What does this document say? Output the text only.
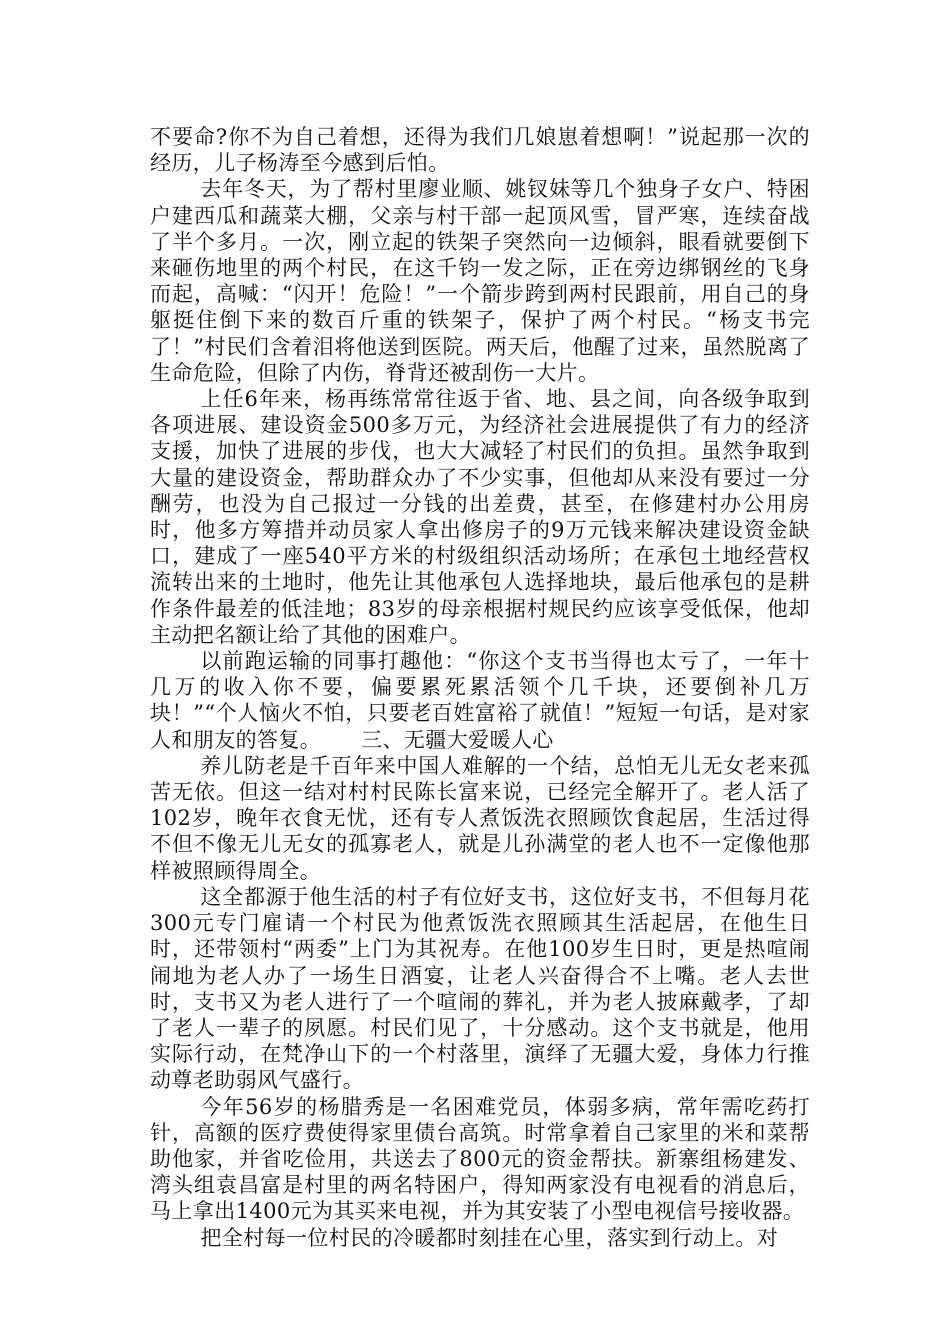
不要命?你不为自己着想，还得为我们几娘崽着想啊！”说起那一次的经历，儿子杨涛至今感到后怕。

去年冬天，为了帮村里廖业顺、姚钗妹等几个独身子女户、特困户建西瓜和蔬菜大棚，父亲与村干部一起顶风雪，冒严寒，连续奋战了半个多月。一次，刚立起的铁架子突然向一边倾斜，眼看就要倒下来砸伤地里的两个村民，在这千钧一发之际，正在旁边绑钢丝的飞身而起，高喊：“闪开！危险！”一个箭步跨到两村民跟前，用自己的身躯挺住倒下来的数百斤重的铁架子，保护了两个村民。“杨支书完了！”村民们含着泪将他送到医院。两天后，他醒了过来，虽然脱离了生命危险，但除了内伤，脊背还被刮伤一大片。

上任6年来，杨再练常常往返于省、地、县之间，向各级争取到各项进展、建设资金500多万元，为经济社会进展提供了有力的经济支援，加快了进展的步伐，也大大减轻了村民们的负担。虽然争取到大量的建设资金，帮助群众办了不少实事，但他却从来没有要过一分酬劳，也没为自己报过一分钱的出差费，甚至，在修建村办公用房时，他多方筹措并动员家人拿出修房子的9万元钱来解决建设资金缺口，建成了一座540平方米的村级组织活动场所；在承包土地经营权流转出来的土地时，他先让其他承包人选择地块，最后他承包的是耕作条件最差的低洼地；83岁的母亲根据村规民约应该享受低保，他却主动把名额让给了其他的困难户。

以前跑运输的同事打趣他：“你这个支书当得也太亏了，一年十几万的收入你不要，偏要累死累活领个几千块，还要倒补几万块！”“个人恼火不怕，只要老百姓富裕了就值！”短短一句话，是对家人和朋友的答复。 三、无疆大爱暖人心

养儿防老是千百年来中国人难解的一个结，总怕无儿无女老来孤苦无依。但这一结对村村民陈长富来说，已经完全解开了。老人活了102岁，晚年衣食无忧，还有专人煮饭洗衣照顾饮食起居，生活过得不但不像无儿无女的孤寡老人，就是儿孙满堂的老人也不一定像他那样被照顾得周全。

这全都源于他生活的村子有位好支书，这位好支书，不但每月花300元专门雇请一个村民为他煮饭洗衣照顾其生活起居，在他生日时，还带领村“两委”上门为其祝寿。在他100岁生日时，更是热喧闹闹地为老人办了一场生日酒宴，让老人兴奋得合不上嘴。老人去世时，支书又为老人进行了一个喧闹的葬礼，并为老人披麻戴孝，了却了老人一辈子的夙愿。村民们见了，十分感动。这个支书就是，他用实际行动，在梵净山下的一个村落里，演绎了无疆大爱，身体力行推动尊老助弱风气盛行。

今年56岁的杨腊秀是一名困难党员，体弱多病，常年需吃药打针，高额的医疗费使得家里债台高筑。时常拿着自己家里的米和菜帮助他家，并省吃俭用，共送去了800元的资金帮扶。新寨组杨建发、湾头组袁昌富是村里的两名特困户，得知两家没有电视看的消息后，马上拿出1400元为其买来电视，并为其安装了小型电视信号接收器。

把全村每一位村民的冷暖都时刻挂在心里，落实到行动上。对
